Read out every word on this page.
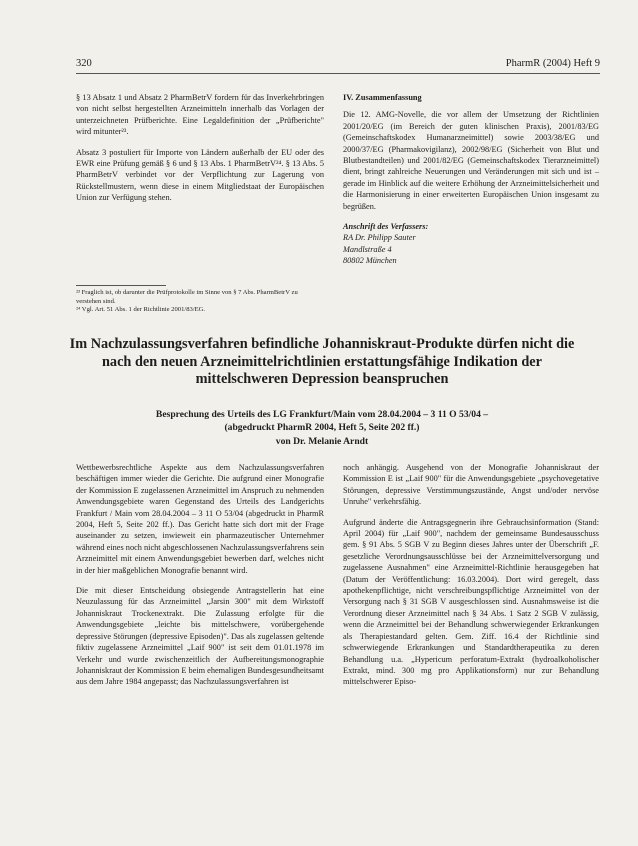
320	PharmR (2004) Heft 9

§ 13 Absatz 1 und Absatz 2 PharmBetrV fordern für das Inverkehrbringen von nicht selbst hergestellten Arzneimitteln innerhalb das Vorlagen der unterzeichneten Prüfberichte. Eine Legaldefinition der „Prüfberichte" wird mitunter²³.

Absatz 3 postuliert für Importe von Ländern außerhalb der EU oder des EWR eine Prüfung gemäß § 6 und § 13 Abs. 1 PharmBetrV²⁴. § 13 Abs. 5 PharmBetrV verbindet vor der Verpflichtung zur Lagerung von Rückstellmustern, wenn diese in einem Mitgliedstaat der Europäischen Union zur Verfügung stehen.

²³ Fraglich ist, ob darunter die Prüfprotokolle im Sinne von § 7 Abs. PharmBetrV zu verstehen sind.
²⁴ Vgl. Art. 51 Abs. 1 der Richtlinie 2001/83/EG.
IV. Zusammenfassung

Die 12. AMG-Novelle, die vor allem der Umsetzung der Richtlinien 2001/20/EG (im Bereich der guten klinischen Praxis), 2001/83/EG (Gemeinschaftskodex Humanarzneimittel) sowie 2003/38/EG und 2000/37/EG (Pharmakovigilanz), 2002/98/EG (Sicherheit von Blut und Blutbestandteilen) und 2001/82/EG (Gemeinschaftskodex Tierarzneimittel) dient, bringt zahlreiche Neuerungen und Veränderungen mit sich und ist – gerade im Hinblick auf die weitere Erhöhung der Arzneimittelsicherheit und die Harmonisierung in einer erweiterten Europäischen Union insgesamt zu begrüßen.

Anschrift des Verfassers:
RA Dr. Philipp Sauter
Mandlstraße 4
80802 München
Im Nachzulassungsverfahren befindliche Johanniskraut-Produkte dürfen nicht die nach den neuen Arzneimittelrichtlinien erstattungsfähige Indikation der mittelschweren Depression beanspruchen
Besprechung des Urteils des LG Frankfurt/Main vom 28.04.2004 – 3 11 O 53/04 –
(abgedruckt PharmR 2004, Heft 5, Seite 202 ff.)
von Dr. Melanie Arndt

Wettbewerbsrechtliche Aspekte aus dem Nachzulassungsverfahren beschäftigen immer wieder die Gerichte. Die aufgrund einer Monografie der Kommission E zugelassenen Arzneimittel im Anspruch zu nehmenden Anwendungsgebiete waren Gegenstand des Urteils des Landgerichts Frankfurt / Main vom 28.04.2004 – 3 11 O 53/04 (abgedruckt in PharmR 2004, Heft 5, Seite 202 ff.). Das Gericht hatte sich dort mit der Frage auseinander zu setzen, inwieweit ein pharmazeutischer Unternehmer während eines noch nicht abgeschlossenen Nachzulassungsverfahrens sein Arzneimittel mit einem Anwendungsgebiet bewerben darf, welches nicht in der hier maßgeblichen Monografie benannt wird.

Die mit dieser Entscheidung obsiegende Antragstellerin hat eine Neuzulassung für das Arzneimittel „Jarsin 300" mit dem Wirkstoff Johanniskraut Trockenextrakt. Die Zulassung erfolgte für die Anwendungsgebiete „leichte bis mittelschwere, vorübergehende depressive Störungen (depressive Episoden)". Das als zugelassen geltende fiktiv zugelassene Arzneimittel „Laif 900" ist seit dem 01.01.1978 im Verkehr und wurde zwischenzeitlich der Aufbereitungsmonographie Johanniskraut der Kommission E beim ehemaligen Bundesgesundheitsamt aus dem Jahre 1984 angepasst; das Nachzulassungsverfahren ist

noch anhängig. Ausgehend von der Monografie Johanniskraut der Kommission E ist „Laif 900" für die Anwendungsgebiete „psychovegetative Störungen, depressive Verstimmungszustände, Angst und/oder nervöse Unruhe" verkehrsfähig.

Aufgrund änderte die Antragsgegnerin ihre Gebrauchsinformation (Stand: April 2004) für „Laif 900", nachdem der gemeinsame Bundesausschuss gem. § 91 Abs. 5 SGB V zu Beginn dieses Jahres unter der Überschrift „F. gesetzliche Verordnungsausschlüsse bei der Arzneimittelversorgung und zugelassene Ausnahmen" eine Arzneimittel-Richtlinie herausgegeben hat (Datum der Veröffentlichung: 16.03.2004). Dort wird geregelt, dass apothekenpflichtige, nicht verschreibungspflichtige Arzneimittel von der Versorgung nach § 31 SGB V ausgeschlossen sind. Ausnahmsweise ist die Verordnung dieser Arzneimittel nach § 34 Abs. 1 Satz 2 SGB V zulässig, wenn die Arzneimittel bei der Behandlung schwerwiegender Erkrankungen als Therapiestandard gelten. Gem. Ziff. 16.4 der Richtlinie sind schwerwiegende Erkrankungen und Standardtherapeutika zu deren Behandlung u.a. „Hypericum perforatum-Extrakt (hydroalkoholischer Extrakt, mind. 300 mg pro Applikationsform) nur zur Behandlung mittelschwerer Episo-
